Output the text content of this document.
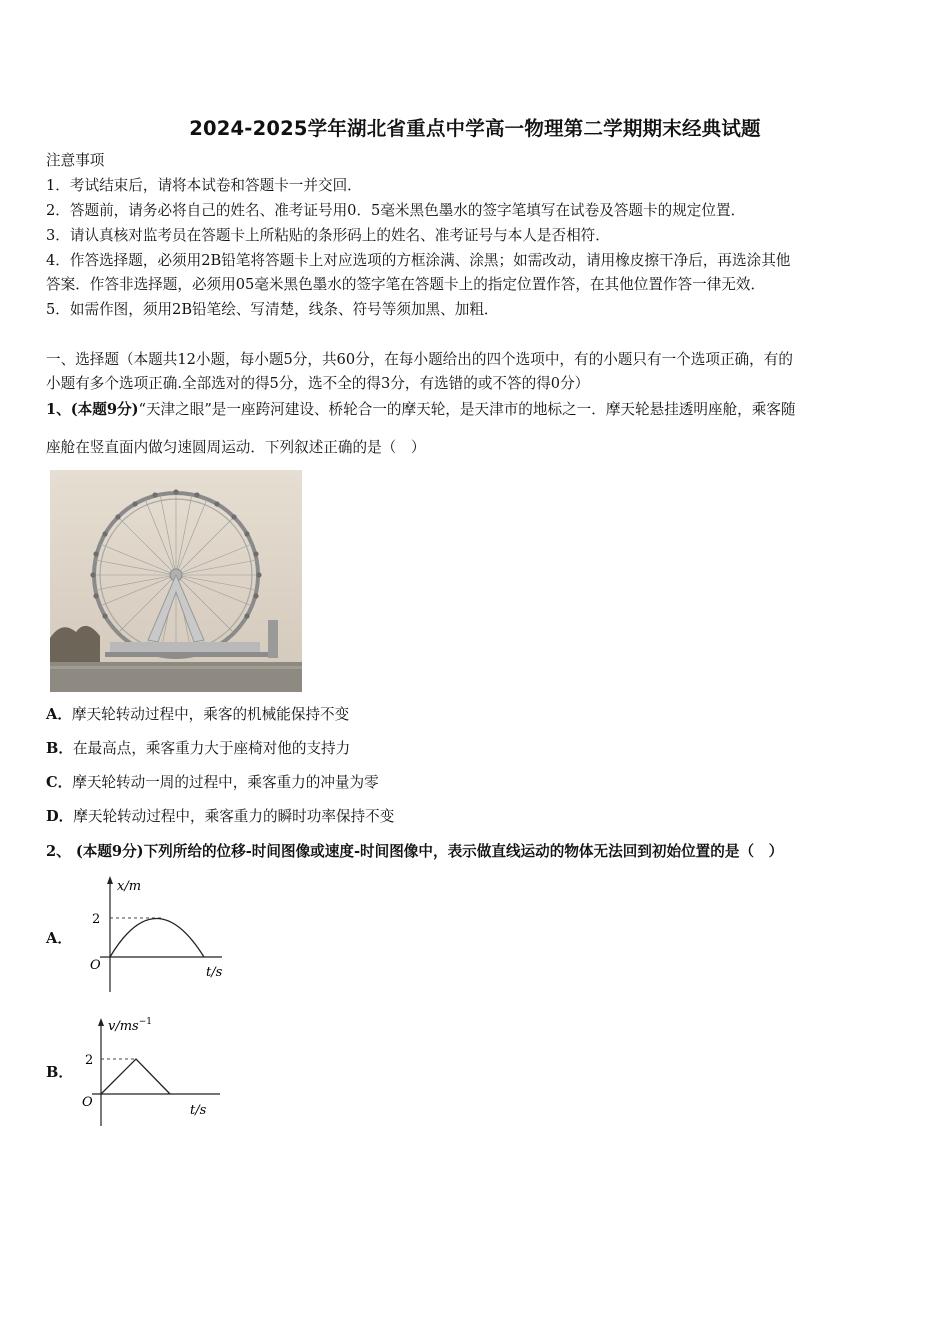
2024-2025学年湖北省重点中学高一物理第二学期期末经典试题
注意事项
1．考试结束后，请将本试卷和答题卡一并交回．
2．答题前，请务必将自己的姓名、准考证号用0．5毫米黑色墨水的签字笔填写在试卷及答题卡的规定位置．
3．请认真核对监考员在答题卡上所粘贴的条形码上的姓名、准考证号与本人是否相符．
4．作答选择题，必须用2B铅笔将答题卡上对应选项的方框涂满、涂黑；如需改动，请用橡皮擦干净后，再选涂其他
答案．作答非选择题，必须用05毫米黑色墨水的签字笔在答题卡上的指定位置作答，在其他位置作答一律无效．
5．如需作图，须用2B铅笔绘、写清楚，线条、符号等须加黑、加粗．
一、选择题（本题共12小题，每小题5分，共60分，在每小题给出的四个选项中，有的小题只有一个选项正确，有的
小题有多个选项正确.全部选对的得5分，选不全的得3分，有选错的或不答的得0分）
1、(本题9分)“天津之眼”是一座跨河建设、桥轮合一的摩天轮，是天津市的地标之一．摩天轮悬挂透明座舱，乘客随
座舱在竖直面内做匀速圆周运动．下列叙述正确的是（　）
A．摩天轮转动过程中，乘客的机械能保持不变
B．在最高点，乘客重力大于座椅对他的支持力
C．摩天轮转动一周的过程中，乘客重力的冲量为零
D．摩天轮转动过程中，乘客重力的瞬时功率保持不变
2、 (本题9分)下列所给的位移-时间图像或速度-时间图像中，表示做直线运动的物体无法回到初始位置的是（　）
A．
x/m
2
O	t/s
B．
$v/ms^{-1}$
2
O
t/s
